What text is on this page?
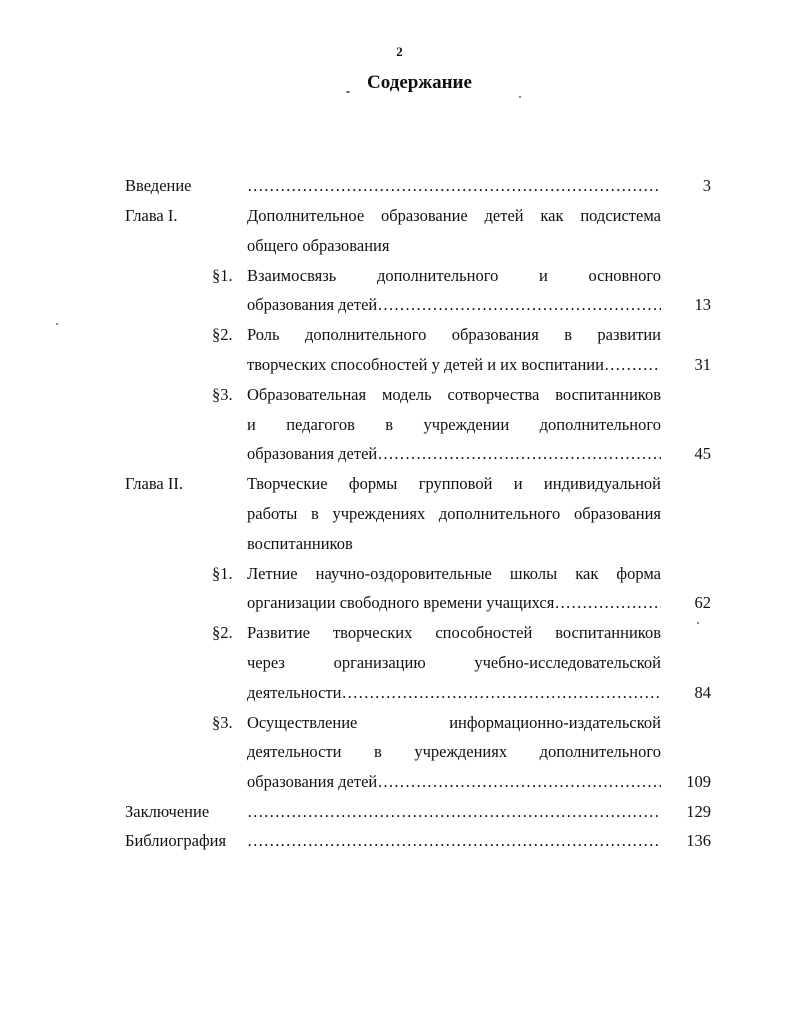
2
Содержание
Введение ……………………………………………………………………………………………………………………………………	3
Глава I.	Дополнительное образование детей как подсистема
общего образования
§1. Взаимосвязь дополнительного и основного
образования детей ……………………………………………………………………………………………………………………………………	13
§2. Роль дополнительного образования в развитии
творческих способностей у детей и их воспитании ……………………………………………………………………………………………………………………………………	31
§3. Образовательная модель сотворчества воспитанников
и педагогов в учреждении дополнительного
образования детей ……………………………………………………………………………………………………………………………………	45
Глава II.	Творческие формы групповой и индивидуальной
работы в учреждениях дополнительного образования
воспитанников
§1. Летние научно-оздоровительные школы как форма
организации свободного времени учащихся ……………………………………………………………………………………………………………………………………	62
§2. Развитие творческих способностей воспитанников
через организацию учебно-исследовательской
деятельности ……………………………………………………………………………………………………………………………………	84
§3. Осуществление информационно-издательской
деятельности в учреждениях дополнительного
образования детей ……………………………………………………………………………………………………………………………………	109
Заключение ……………………………………………………………………………………………………………………………………	129
Библиография ……………………………………………………………………………………………………………………………………	136
